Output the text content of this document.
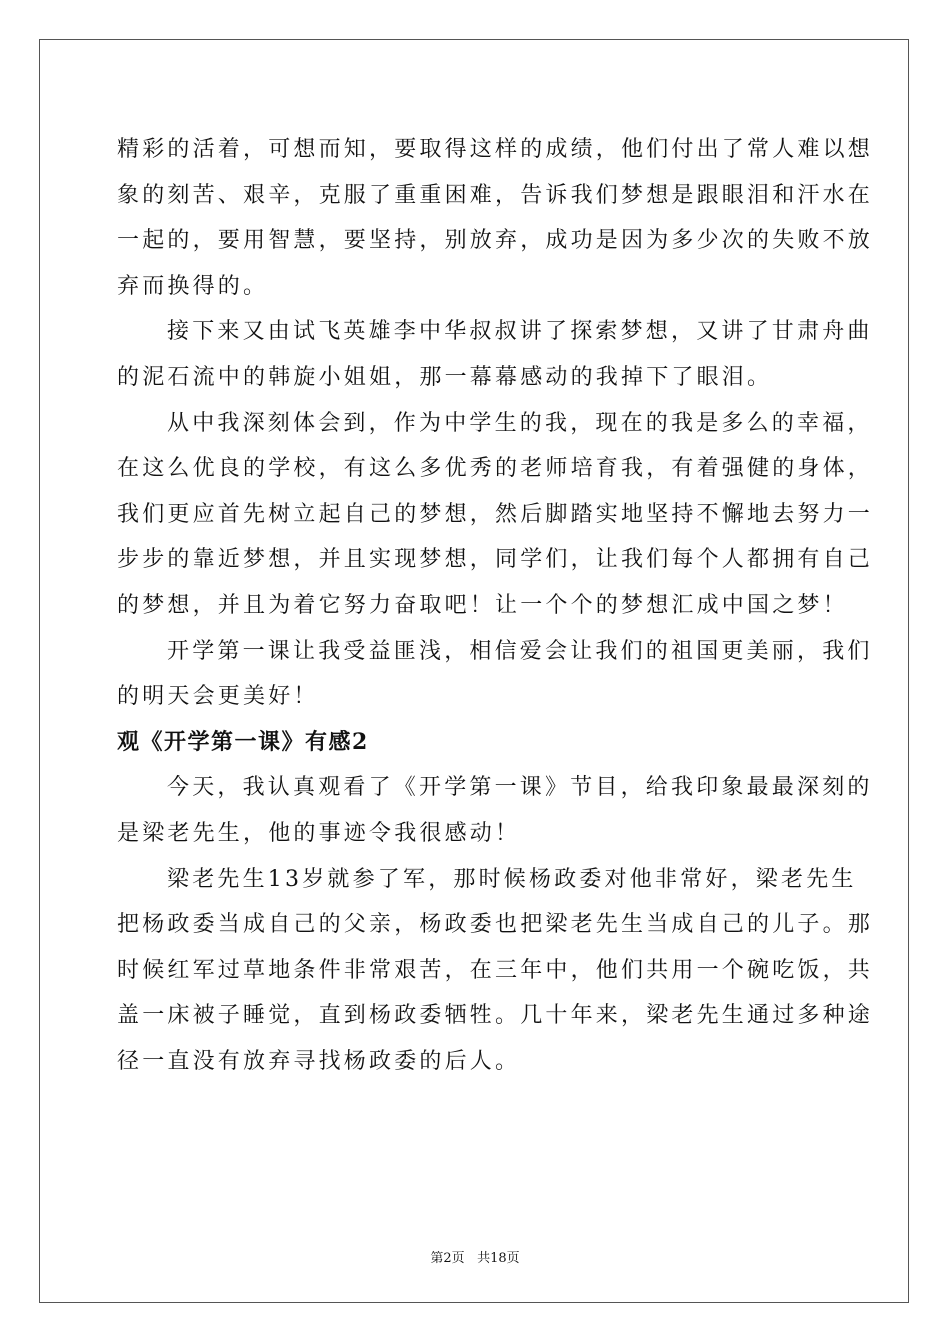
精彩的活着，可想而知，要取得这样的成绩，他们付出了常人难以想
象的刻苦、艰辛，克服了重重困难，告诉我们梦想是跟眼泪和汗水在
一起的，要用智慧，要坚持，别放弃，成功是因为多少次的失败不放
弃而换得的。

接下来又由试飞英雄李中华叔叔讲了探索梦想，又讲了甘肃舟曲
的泥石流中的韩旋小姐姐，那一幕幕感动的我掉下了眼泪。

从中我深刻体会到，作为中学生的我，现在的我是多么的幸福，
在这么优良的学校，有这么多优秀的老师培育我，有着强健的身体，
我们更应首先树立起自己的梦想，然后脚踏实地坚持不懈地去努力一
步步的靠近梦想，并且实现梦想，同学们，让我们每个人都拥有自己
的梦想，并且为着它努力奋取吧！让一个个的梦想汇成中国之梦！

开学第一课让我受益匪浅，相信爱会让我们的祖国更美丽，我们
的明天会更美好！

观《开学第一课》有感2

今天，我认真观看了《开学第一课》节目，给我印象最最深刻的
是梁老先生，他的事迹令我很感动！

梁老先生13岁就参了军，那时候杨政委对他非常好，梁老先生
把杨政委当成自己的父亲，杨政委也把梁老先生当成自己的儿子。那
时候红军过草地条件非常艰苦，在三年中，他们共用一个碗吃饭，共
盖一床被子睡觉，直到杨政委牺牲。几十年来，梁老先生通过多种途
径一直没有放弃寻找杨政委的后人。

第2页 共18页
